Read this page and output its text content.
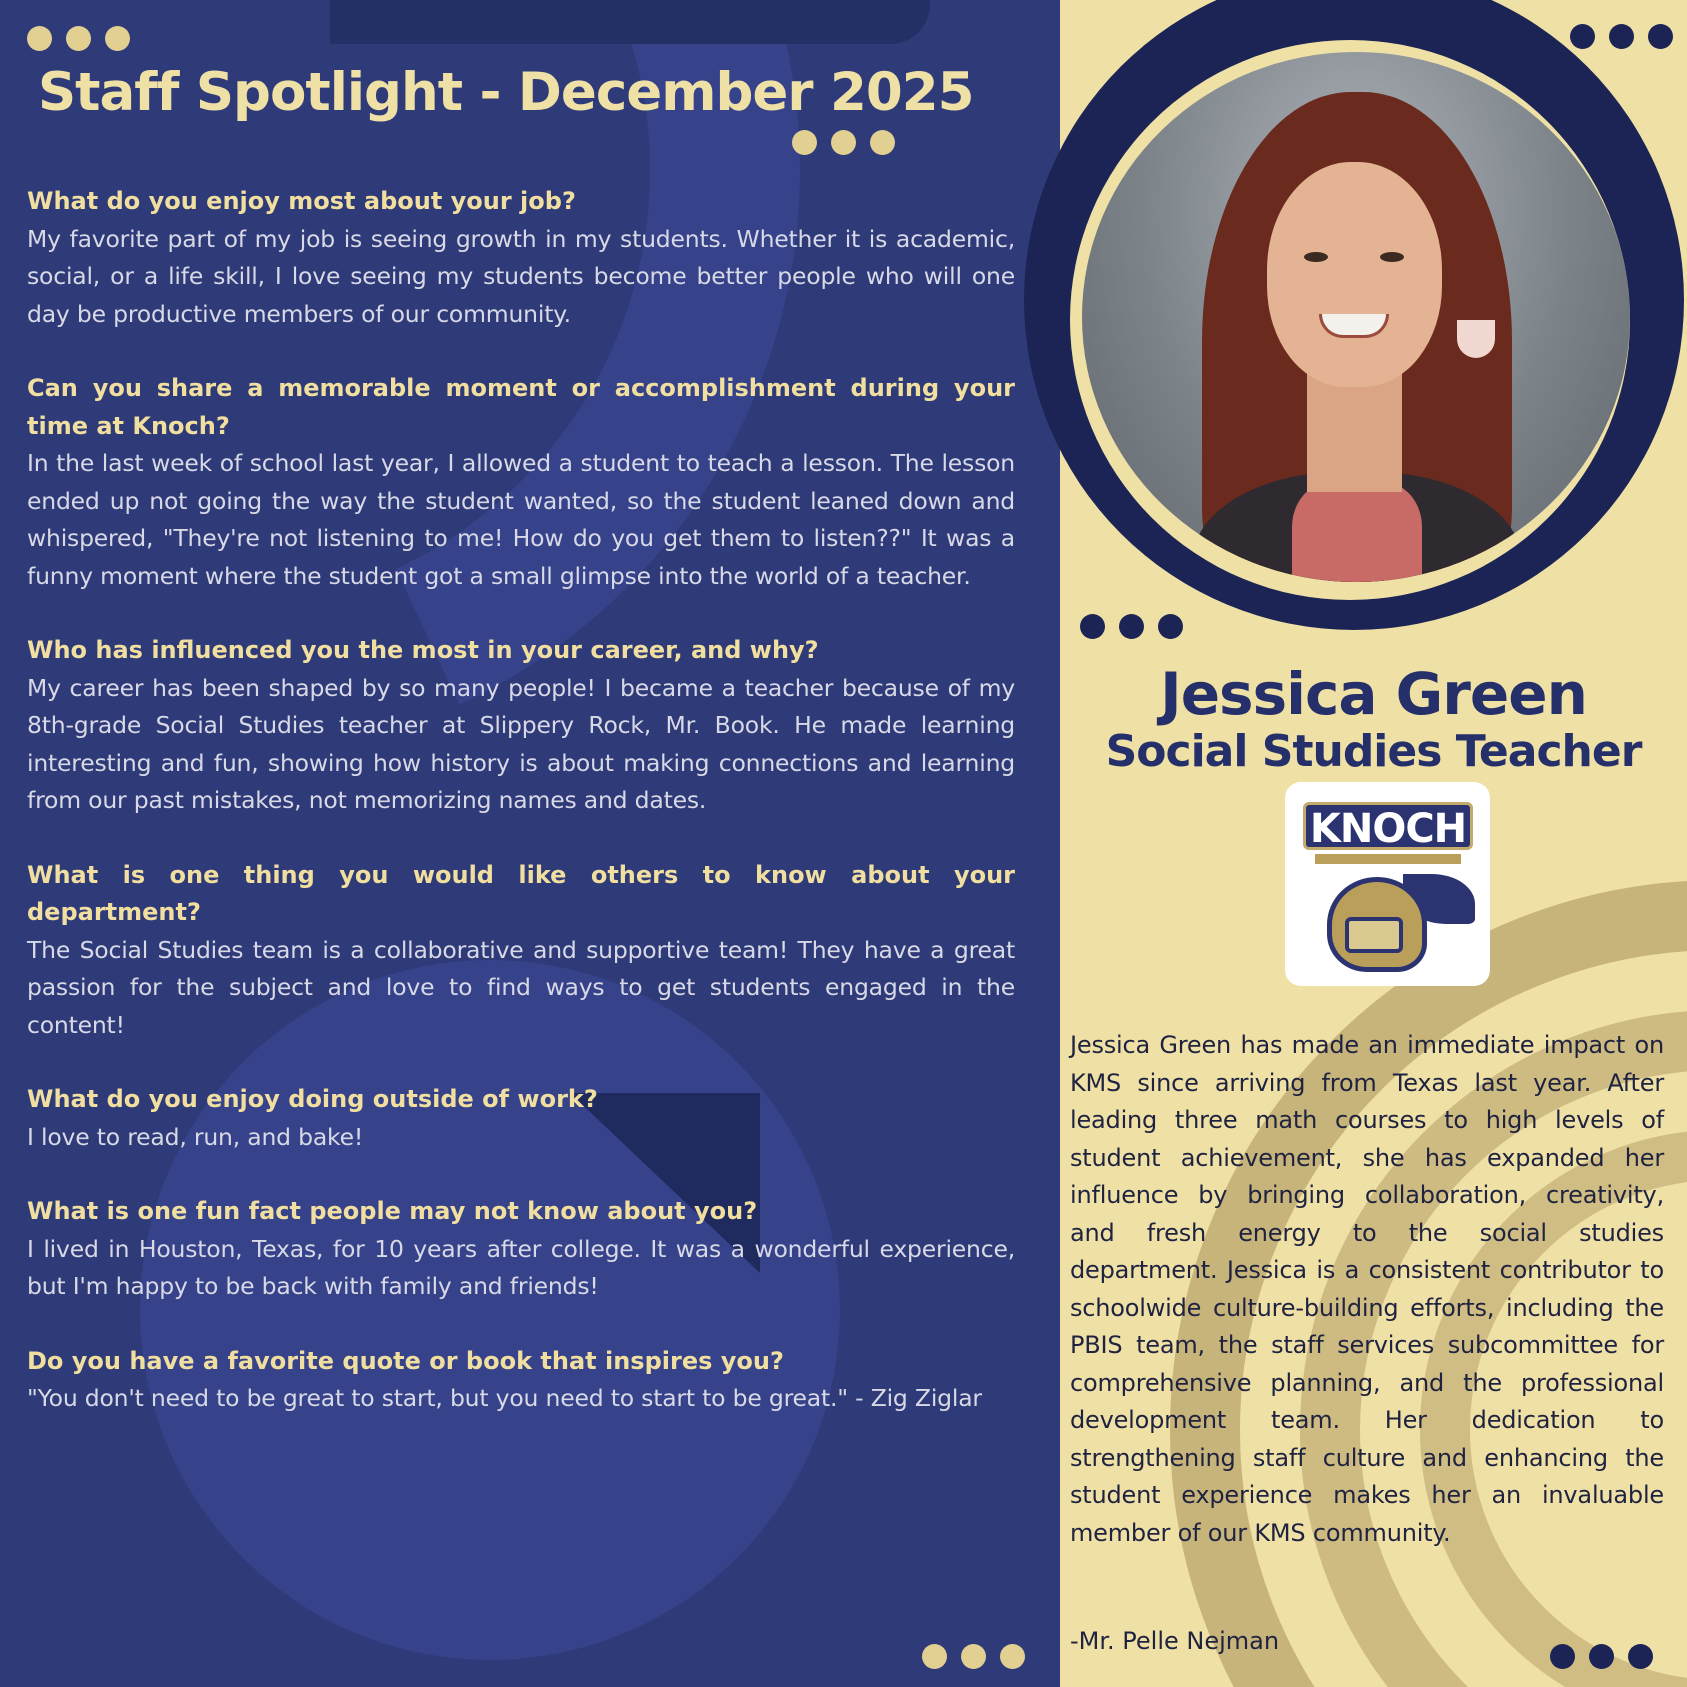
Staff Spotlight - December 2025
What do you enjoy most about your job?
My favorite part of my job is seeing growth in my students. Whether it is academic, social, or a life skill, I love seeing my students become better people who will one day be productive members of our community.
Can you share a memorable moment or accomplishment during your time at Knoch?
In the last week of school last year, I allowed a student to teach a lesson. The lesson ended up not going the way the student wanted, so the student leaned down and whispered, "They're not listening to me! How do you get them to listen??" It was a funny moment where the student got a small glimpse into the world of a teacher.
Who has influenced you the most in your career, and why?
My career has been shaped by so many people! I became a teacher because of my 8th-grade Social Studies teacher at Slippery Rock, Mr. Book. He made learning interesting and fun, showing how history is about making connections and learning from our past mistakes, not memorizing names and dates.
What is one thing you would like others to know about your department?
The Social Studies team is a collaborative and supportive team! They have a great passion for the subject and love to find ways to get students engaged in the content!
What do you enjoy doing outside of work?
I love to read, run, and bake!
What is one fun fact people may not know about you?
I lived in Houston, Texas, for 10 years after college. It was a wonderful experience, but I'm happy to be back with family and friends!
Do you have a favorite quote or book that inspires you?
"You don't need to be great to start, but you need to start to be great." - Zig Ziglar
Jessica Green
Social Studies Teacher
KNOCH
Jessica Green has made an immediate impact on KMS since arriving from Texas last year. After leading three math courses to high levels of student achievement, she has expanded her influence by bringing collaboration, creativity, and fresh energy to the social studies department. Jessica is a consistent contributor to schoolwide culture-building efforts, including the PBIS team, the staff services subcommittee for comprehensive planning, and the professional development team. Her dedication to strengthening staff culture and enhancing the student experience makes her an invaluable member of our KMS community.
-Mr. Pelle Nejman
